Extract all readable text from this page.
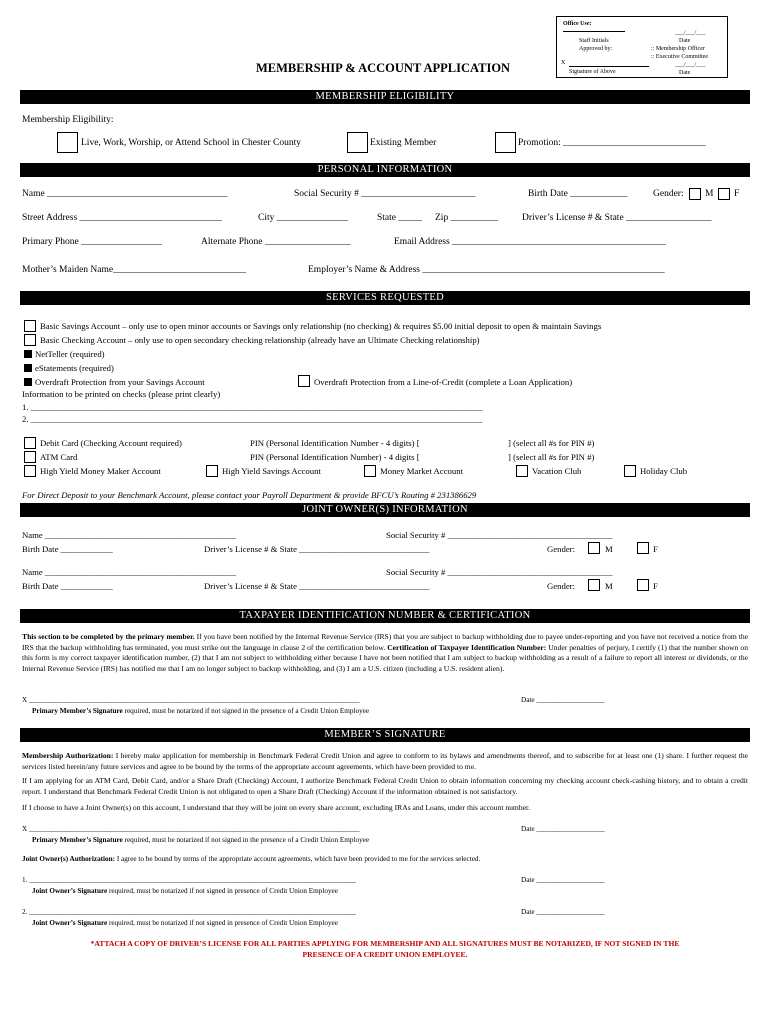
Office Use:
Staff Initials
Approved by:
X
Signature of Above
___/___/___
Date
:: Membership Officer
:: Executive Committee
___/___/___
Date
MEMBERSHIP & ACCOUNT APPLICATION
MEMBERSHIP ELIGIBILITY
Membership Eligibility:
Live, Work, Worship, or Attend School in Chester County	Existing Member	Promotion: ______________________________
PERSONAL INFORMATION
Name ______________________________________	Social Security # ________________________	Birth Date ____________	Gender: M F
Street Address ______________________________	City _______________	State _____ Zip __________	Driver’s License # & State __________________
Primary Phone _________________	Alternate Phone __________________	Email Address _____________________________________________
Mother’s Maiden Name____________________________	Employer’s Name & Address ___________________________________________________
SERVICES REQUESTED
Basic Savings Account – only use to open minor accounts or Savings only relationship (no checking) & requires $5.00 initial deposit to open & maintain Savings
Basic Checking Account – only use to open secondary checking relationship (already have an Ultimate Checking relationship)
NetTeller (required)
eStatements (required)
Overdraft Protection from your Savings Account	Overdraft Protection from a Line-of-Credit (complete a Loan Application)
Information to be printed on checks (please print clearly)
1. ________________________________________________________________________________________________________
2. ________________________________________________________________________________________________________
Debit Card (Checking Account required)	PIN (Personal Identification Number - 4 digits) [	] (select all #s for PIN #)
ATM Card	PIN (Personal Identification Number) - 4 digits [	] (select all #s for PIN #)
High Yield Money Maker Account	High Yield Savings Account	Money Market Account	Vacation Club	Holiday Club
For Direct Deposit to your Benchmark Account, please contact your Payroll Department & provide BFCU’s Routing # 231386629
JOINT OWNER(S) INFORMATION
Name ____________________________________________	Social Security # ______________________________________
Birth Date ____________	Driver’s License # & State ______________________________	Gender:	M	F
Name ____________________________________________	Social Security # ______________________________________
Birth Date ____________	Driver’s License # & State ______________________________	Gender:	M	F
TAXPAYER IDENTIFICATION NUMBER & CERTIFICATION
This section to be completed by the primary member. If you have been notified by the Internal Revenue Service (IRS) that you are subject to backup withholding due to payee under-reporting and you have not received a notice from the IRS that the backup withholding has terminated, you must strike out the language in clause 2 of the certification below. Certification of Taxpayer Identification Number: Under penalties of perjury, I certify (1) that the number shown on this form is my correct taxpayer identification number, (2) that I am not subject to withholding either because I have not been notified that I am subject to backup withholding as a result of a failure to report all interest or dividends, or the Internal Revenue Service (IRS) has notified me that I am no longer subject to backup withholding, and (3) I am a U.S. citizen (including a U.S. resident alien).
X ____________________________________________________________________________________________	Date ___________________
Primary Member’s Signature required, must be notarized if not signed in the presence of a Credit Union Employee
MEMBER’S SIGNATURE
Membership Authorization: I hereby make application for membership in Benchmark Federal Credit Union and agree to conform to its bylaws and amendments thereof, and to subscribe for at least one (1) share. I further request the services listed herein/any future services and agree to be bound by the terms of the appropriate account agreements, which have been provided to me.
If I am applying for an ATM Card, Debit Card, and/or a Share Draft (Checking) Account, I authorize Benchmark Federal Credit Union to obtain information concerning my checking account check-cashing history, and to obtain a credit report. I understand that Benchmark Federal Credit Union is not obligated to open a Share Draft (Checking) Account if the information obtained is not satisfactory.
If I choose to have a Joint Owner(s) on this account, I understand that they will be joint on every share account, excluding IRAs and Loans, under this account number.
X ____________________________________________________________________________________________	Date ___________________
Primary Member’s Signature required, must be notarized if not signed in the presence of a Credit Union Employee
Joint Owner(s) Authorization: I agree to be bound by terms of the appropriate account agreements, which have been provided to me for the services selected.
1. ___________________________________________________________________________________________	Date ___________________
Joint Owner’s Signature required, must be notarized if not signed in presence of Credit Union Employee
2. ___________________________________________________________________________________________	Date ___________________
Joint Owner’s Signature required, must be notarized if not signed in presence of Credit Union Employee
*ATTACH A COPY OF DRIVER’S LICENSE FOR ALL PARTIES APPLYING FOR MEMBERSHIP AND ALL SIGNATURES MUST BE NOTARIZED, IF NOT SIGNED IN THE
PRESENCE OF A CREDIT UNION EMPLOYEE.
